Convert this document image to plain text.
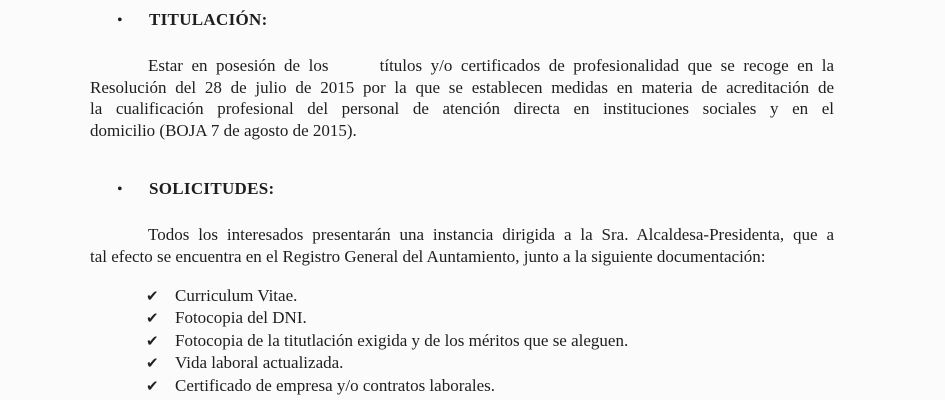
• TITULACIÓN:
Estar en posesión de los      títulos y/o certificados de profesionalidad que se recoge en la
Resolución del 28 de julio de 2015 por la que se establecen medidas en materia de acreditación de
la cualificación profesional del personal de atención directa en instituciones sociales y en el
domicilio (BOJA 7 de agosto de 2015).
• SOLICITUDES:
Todos los interesados presentarán una instancia dirigida a la Sra. Alcaldesa-Presidenta, que a
tal efecto se encuentra en el Registro General del Auntamiento, junto a la siguiente documentación:
✔ Curriculum Vitae.
✔ Fotocopia del DNI.
✔ Fotocopia de la titutlación exigida y de los méritos que se aleguen.
✔ Vida laboral actualizada.
✔ Certificado de empresa y/o contratos laborales.
